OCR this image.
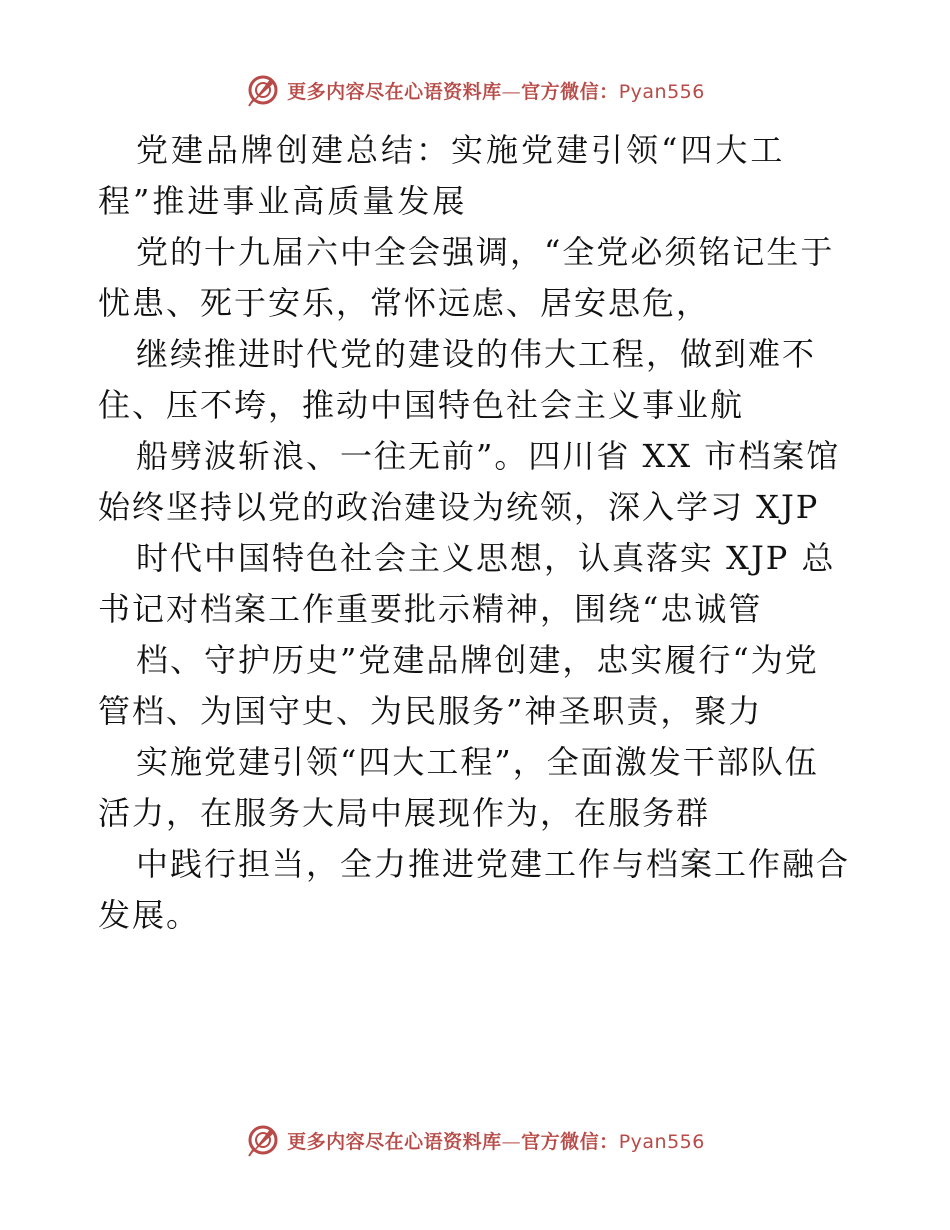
更多内容尽在心语资料库—官方微信：Pyan556
党建品牌创建总结：实施党建引领“四大工
程”推进事业高质量发展
党的十九届六中全会强调，“全党必须铭记生于
忧患、死于安乐，常怀远虑、居安思危，
继续推进时代党的建设的伟大工程，做到难不
住、压不垮，推动中国特色社会主义事业航
船劈波斩浪、一往无前”。四川省 XX 市档案馆
始终坚持以党的政治建设为统领，深入学习 XJP
时代中国特色社会主义思想，认真落实 XJP 总
书记对档案工作重要批示精神，围绕“忠诚管
档、守护历史”党建品牌创建，忠实履行“为党
管档、为国守史、为民服务”神圣职责，聚力
实施党建引领“四大工程”，全面激发干部队伍
活力，在服务大局中展现作为，在服务群
中践行担当，全力推进党建工作与档案工作融合
发展。
更多内容尽在心语资料库—官方微信：Pyan556
